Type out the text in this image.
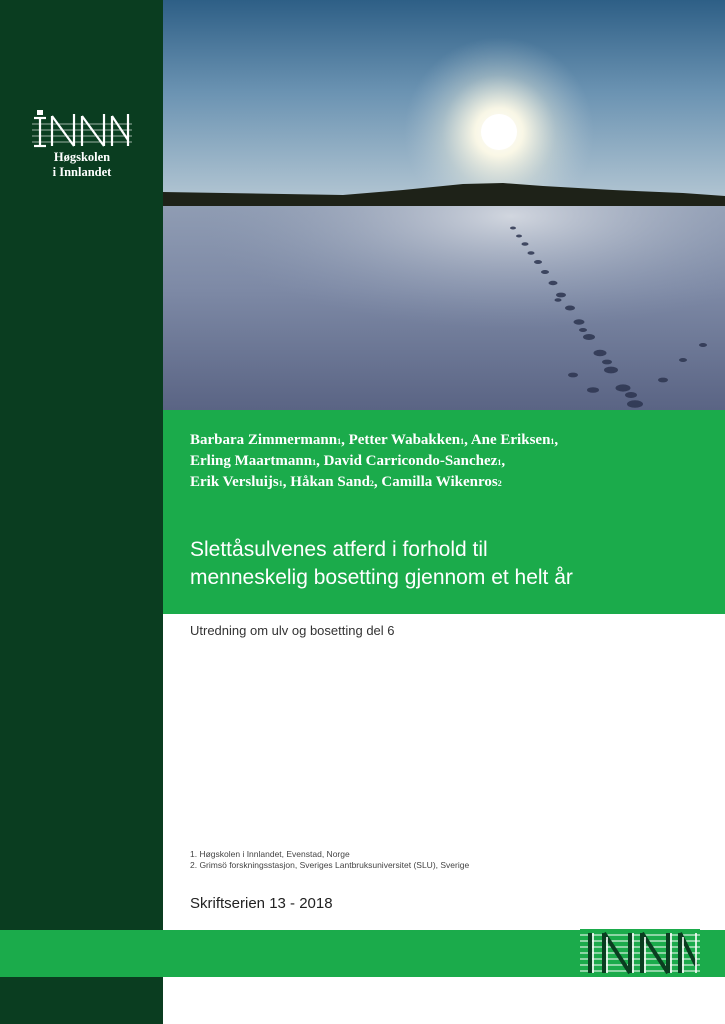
Høgskolen
i Innlandet
Barbara Zimmermann$^1$, Petter Wabakken$^1$, Ane Eriksen$^1$,
Erling Maartmann$^1$, David Carricondo-Sanchez$^1$,
Erik Versluijs$^1$, Håkan Sand$^2$, Camilla Wikenros$^2$
Slettåsulvenes atferd i forhold til
menneskelig bosetting gjennom et helt år
Utredning om ulv og bosetting del 6
1. Høgskolen i Innlandet, Evenstad, Norge
2. Grimsö forskningsstasjon, Sveriges Lantbruksuniversitet (SLU), Sverige
Skriftserien 13 - 2018
